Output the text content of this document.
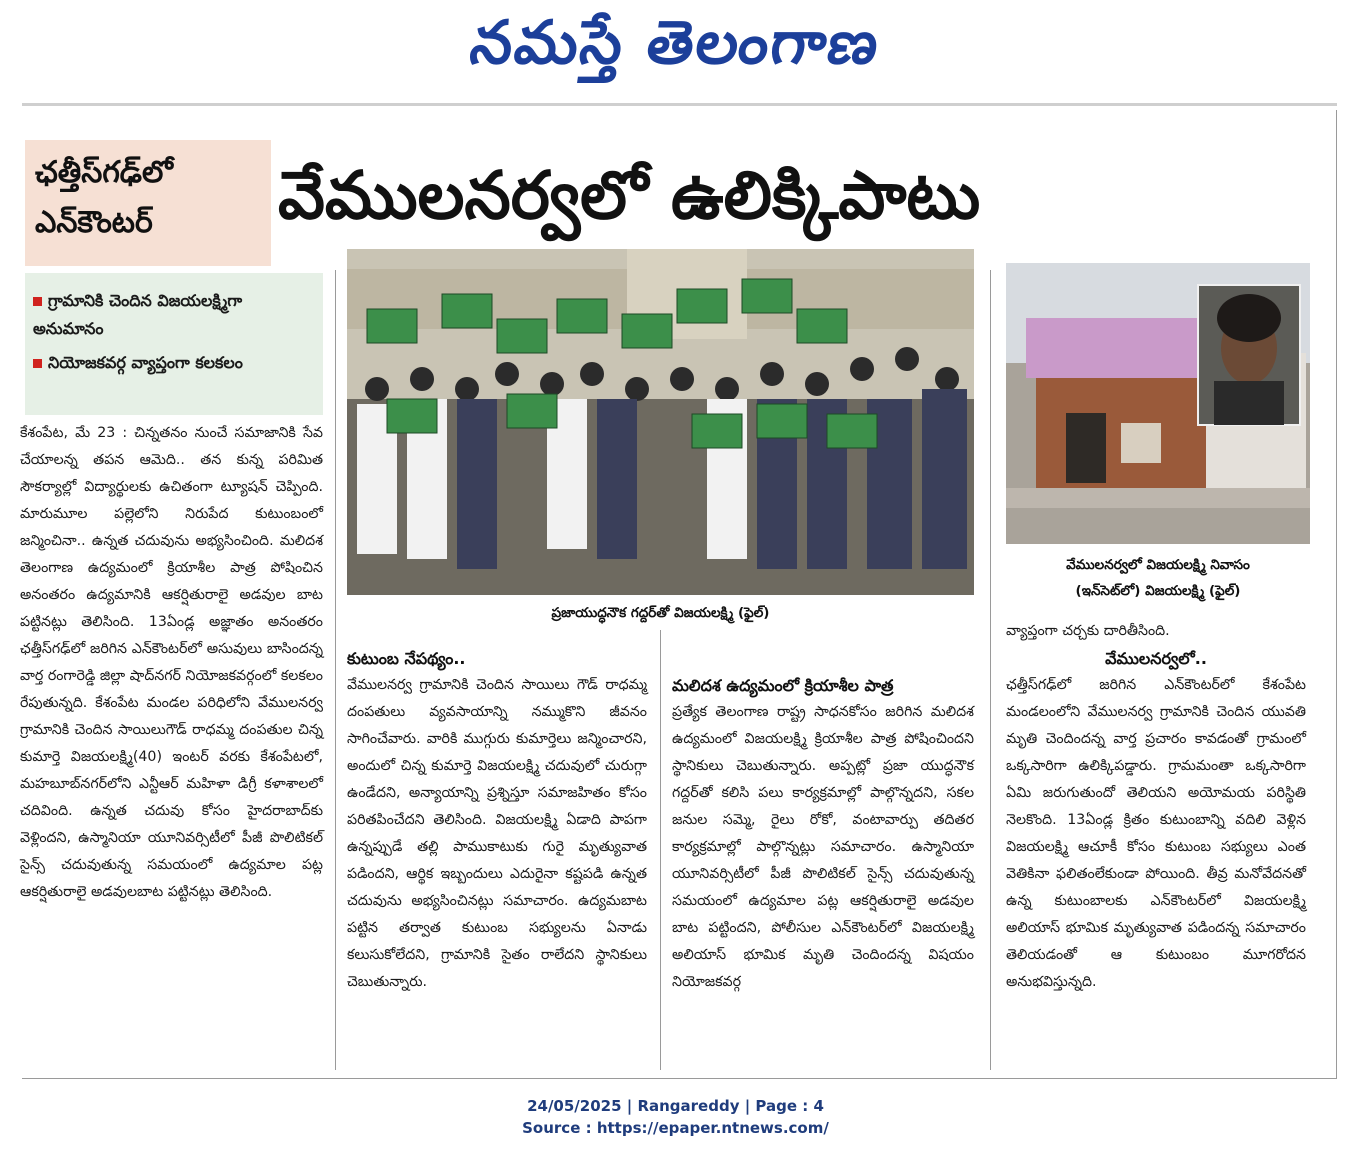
నమస్తే తెలంగాణ
ఛత్తీస్‌గఢ్‌లో
ఎన్‌కౌంటర్	వేములనర్వలో ఉలిక్కిపాటు
గ్రామానికి చెందిన విజయలక్ష్మిగా అనుమానం
నియోజకవర్గ వ్యాప్తంగా కలకలం
ప్రజాయుద్ధనౌక గద్దర్‌తో విజయలక్ష్మి (ఫైల్)
వేములనర్వలో విజయలక్ష్మి నివాసం
(ఇన్‌సెట్‌లో) విజయలక్ష్మి (ఫైల్)

కేశంపేట, మే 23 : చిన్నతనం నుంచే సమాజానికి సేవ చేయాలన్న తపన ఆమెది.. తన కున్న పరిమిత సౌకర్యాల్లో విద్యార్థులకు ఉచితంగా ట్యూషన్ చెప్పింది. మారుమూల పల్లెలోని నిరుపేద కుటుంబంలో జన్మించినా.. ఉన్నత చదువును అభ్యసించింది. మలిదశ తెలంగాణ ఉద్యమంలో క్రియాశీల పాత్ర పోషించిన అనంతరం ఉద్యమానికి ఆకర్షితురాలై అడవుల బాట పట్టినట్లు తెలిసింది. 13ఏండ్ల అజ్ఞాతం అనంతరం ఛత్తీస్‌గఢ్‌లో జరిగిన ఎన్‌కౌంటర్‌లో అసువులు బాసిందన్న వార్త రంగారెడ్డి జిల్లా షాద్‌నగర్ నియోజకవర్గంలో కలకలం రేపుతున్నది. కేశంపేట మండల పరిధిలోని వేములనర్వ గ్రామానికి చెందిన సాయిలుగౌడ్ రాధమ్మ దంపతుల చిన్న కుమార్తె విజయలక్ష్మి(40) ఇంటర్ వరకు కేశంపేటలో, మహబూబ్‌నగర్‌లోని ఎన్టీఆర్ మహిళా డిగ్రీ కళాశాలలో చదివింది. ఉన్నత చదువు కోసం హైదరాబాద్‌కు వెళ్లిందని, ఉస్మానియా యూనివర్సిటీలో పీజీ పొలిటికల్ సైన్స్ చదువుతున్న సమయంలో ఉద్యమాల పట్ల ఆకర్షితురాలై అడవులబాట పట్టినట్లు తెలిసింది.

కుటుంబ నేపథ్యం..

వేములనర్వ గ్రామానికి చెందిన సాయిలు గౌడ్ రాధమ్మ దంపతులు వ్యవసాయాన్ని నమ్ముకొని జీవనం సాగించేవారు. వారికి ముగ్గురు కుమార్తెలు జన్మించారని, అందులో చిన్న కుమార్తె విజయలక్ష్మి చదువులో చురుగ్గా ఉండేదని, అన్యాయాన్ని ప్రశ్నిస్తూ సమాజహితం కోసం పరితపించేదని తెలిసింది. విజయలక్ష్మి ఏడాది పాపగా ఉన్నప్పుడే తల్లి పాముకాటుకు గురై మృత్యువాత పడిందని, ఆర్థిక ఇబ్బందులు ఎదురైనా కష్టపడి ఉన్నత చదువును అభ్యసించినట్లు సమాచారం. ఉద్యమబాట పట్టిన తర్వాత కుటుంబ సభ్యులను ఏనాడు కలుసుకోలేదని, గ్రామానికి సైతం రాలేదని స్థానికులు చెబుతున్నారు.

మలిదశ ఉద్యమంలో క్రియాశీల పాత్ర

ప్రత్యేక తెలంగాణ రాష్ట్ర సాధనకోసం జరిగిన మలిదశ ఉద్యమంలో విజయలక్ష్మి క్రియాశీల పాత్ర పోషించిందని స్థానికులు చెబుతున్నారు. అప్పట్లో ప్రజా యుద్ధనౌక గద్దర్‌తో కలిసి పలు కార్యక్రమాల్లో పాల్గొన్నదని, సకల జనుల సమ్మె, రైలు రోకో, వంటావార్పు తదితర కార్యక్రమాల్లో పాల్గొన్నట్లు సమాచారం. ఉస్మానియా యూనివర్సిటీలో పీజీ పొలిటికల్ సైన్స్ చదువుతున్న సమయంలో ఉద్యమాల పట్ల ఆకర్షితురాలై అడవుల బాట పట్టిందని, పోలీసుల ఎన్‌కౌంటర్‌లో విజయలక్ష్మి అలియాస్ భూమిక మృతి చెందిందన్న విషయం నియోజకవర్గ

వ్యాప్తంగా చర్చకు దారితీసింది.

వేములనర్వలో..

ఛత్తీస్‌గఢ్‌లో జరిగిన ఎన్‌కౌంటర్‌లో కేశంపేట మండలంలోని వేములనర్వ గ్రామానికి చెందిన యువతి మృతి చెందిందన్న వార్త ప్రచారం కావడంతో గ్రామంలో ఒక్కసారిగా ఉలిక్కిపడ్డారు. గ్రామమంతా ఒక్కసారిగా ఏమి జరుగుతుందో తెలియని అయోమయ పరిస్థితి నెలకొంది. 13ఏండ్ల క్రితం కుటుంబాన్ని వదిలి వెళ్లిన విజయలక్ష్మి ఆచూకీ కోసం కుటుంబ సభ్యులు ఎంత వెతికినా ఫలితంలేకుండా పోయింది. తీవ్ర మనోవేదనతో ఉన్న కుటుంబాలకు ఎన్‌కౌంటర్‌లో విజయలక్ష్మి అలియాస్ భూమిక మృత్యువాత పడిందన్న సమాచారం తెలియడంతో ఆ కుటుంబం మూగరోదన అనుభవిస్తున్నది.

24/05/2025 | Rangareddy | Page : 4
Source : https://epaper.ntnews.com/
